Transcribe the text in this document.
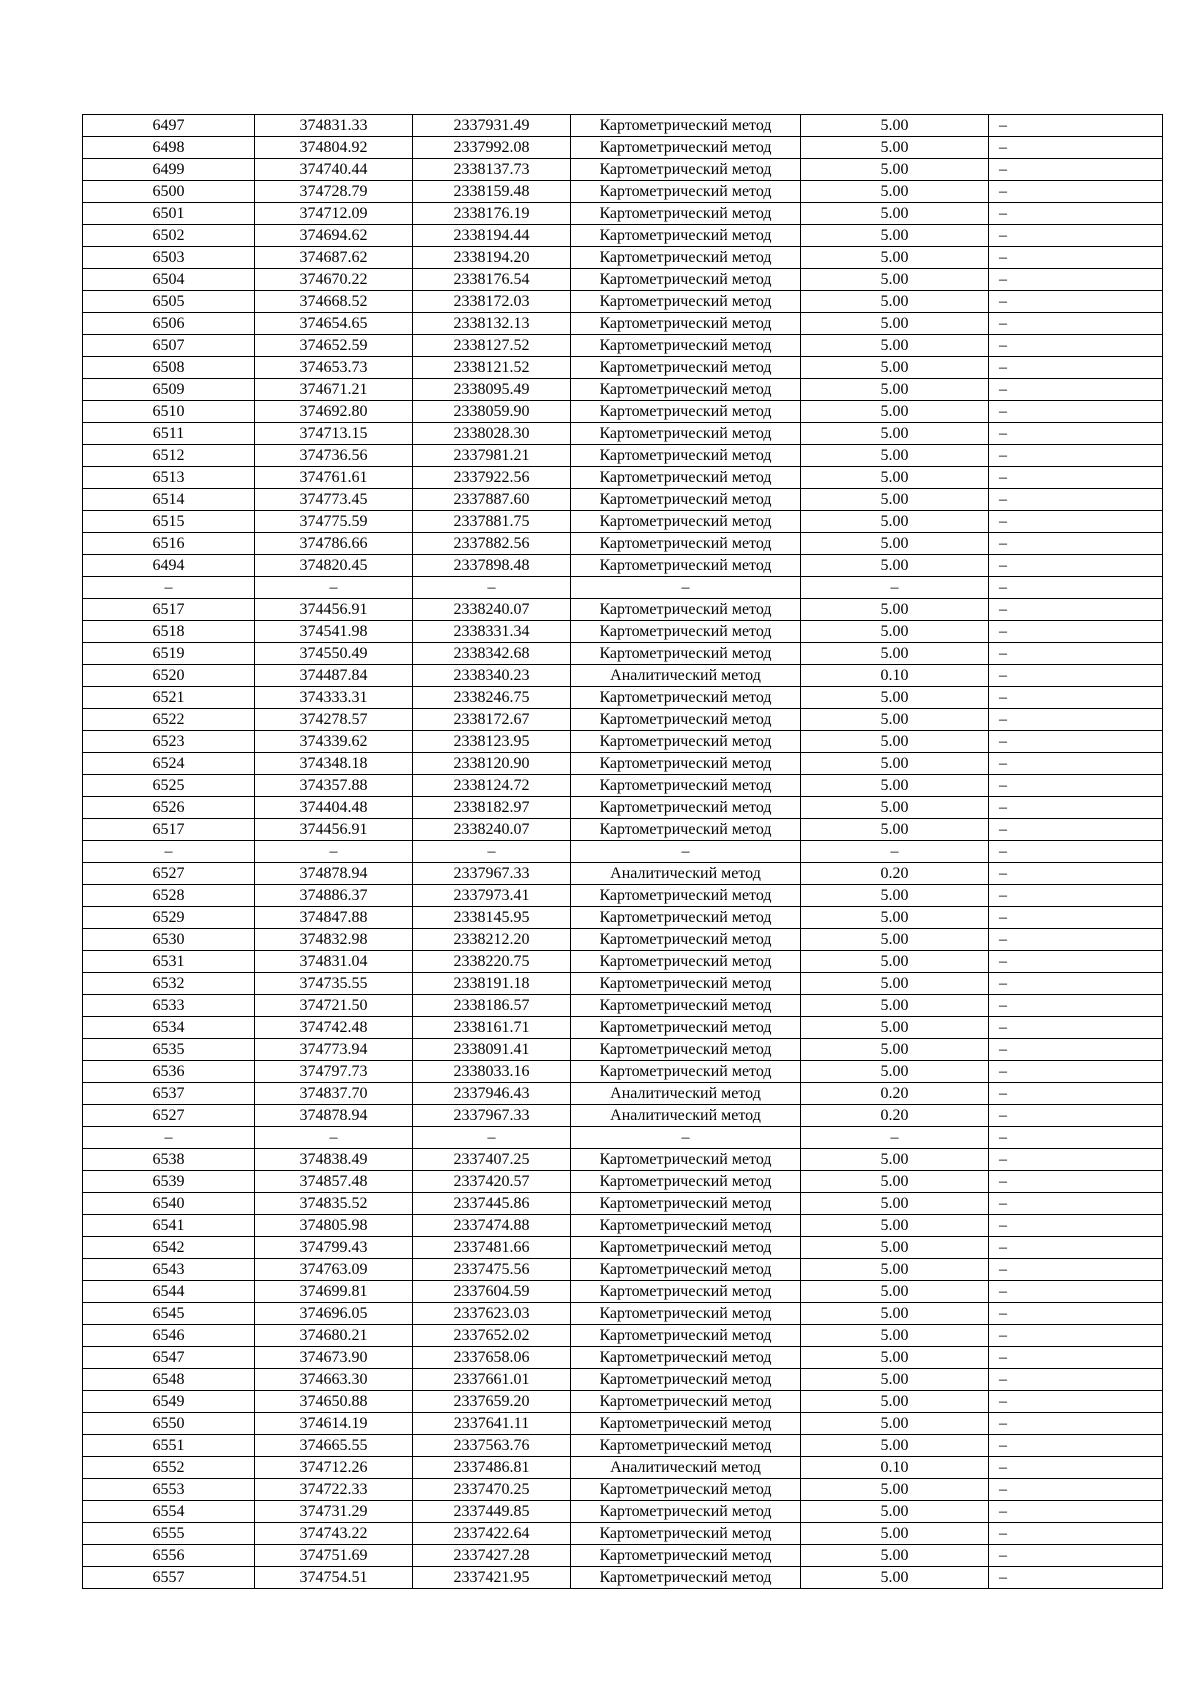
6497	374831.33	2337931.49	Картометрический метод	5.00	–
6498	374804.92	2337992.08	Картометрический метод	5.00	–
6499	374740.44	2338137.73	Картометрический метод	5.00	–
6500	374728.79	2338159.48	Картометрический метод	5.00	–
6501	374712.09	2338176.19	Картометрический метод	5.00	–
6502	374694.62	2338194.44	Картометрический метод	5.00	–
6503	374687.62	2338194.20	Картометрический метод	5.00	–
6504	374670.22	2338176.54	Картометрический метод	5.00	–
6505	374668.52	2338172.03	Картометрический метод	5.00	–
6506	374654.65	2338132.13	Картометрический метод	5.00	–
6507	374652.59	2338127.52	Картометрический метод	5.00	–
6508	374653.73	2338121.52	Картометрический метод	5.00	–
6509	374671.21	2338095.49	Картометрический метод	5.00	–
6510	374692.80	2338059.90	Картометрический метод	5.00	–
6511	374713.15	2338028.30	Картометрический метод	5.00	–
6512	374736.56	2337981.21	Картометрический метод	5.00	–
6513	374761.61	2337922.56	Картометрический метод	5.00	–
6514	374773.45	2337887.60	Картометрический метод	5.00	–
6515	374775.59	2337881.75	Картометрический метод	5.00	–
6516	374786.66	2337882.56	Картометрический метод	5.00	–
6494	374820.45	2337898.48	Картометрический метод	5.00	–
–	–	–	–	–	–
6517	374456.91	2338240.07	Картометрический метод	5.00	–
6518	374541.98	2338331.34	Картометрический метод	5.00	–
6519	374550.49	2338342.68	Картометрический метод	5.00	–
6520	374487.84	2338340.23	Аналитический метод	0.10	–
6521	374333.31	2338246.75	Картометрический метод	5.00	–
6522	374278.57	2338172.67	Картометрический метод	5.00	–
6523	374339.62	2338123.95	Картометрический метод	5.00	–
6524	374348.18	2338120.90	Картометрический метод	5.00	–
6525	374357.88	2338124.72	Картометрический метод	5.00	–
6526	374404.48	2338182.97	Картометрический метод	5.00	–
6517	374456.91	2338240.07	Картометрический метод	5.00	–
–	–	–	–	–	–
6527	374878.94	2337967.33	Аналитический метод	0.20	–
6528	374886.37	2337973.41	Картометрический метод	5.00	–
6529	374847.88	2338145.95	Картометрический метод	5.00	–
6530	374832.98	2338212.20	Картометрический метод	5.00	–
6531	374831.04	2338220.75	Картометрический метод	5.00	–
6532	374735.55	2338191.18	Картометрический метод	5.00	–
6533	374721.50	2338186.57	Картометрический метод	5.00	–
6534	374742.48	2338161.71	Картометрический метод	5.00	–
6535	374773.94	2338091.41	Картометрический метод	5.00	–
6536	374797.73	2338033.16	Картометрический метод	5.00	–
6537	374837.70	2337946.43	Аналитический метод	0.20	–
6527	374878.94	2337967.33	Аналитический метод	0.20	–
–	–	–	–	–	–
6538	374838.49	2337407.25	Картометрический метод	5.00	–
6539	374857.48	2337420.57	Картометрический метод	5.00	–
6540	374835.52	2337445.86	Картометрический метод	5.00	–
6541	374805.98	2337474.88	Картометрический метод	5.00	–
6542	374799.43	2337481.66	Картометрический метод	5.00	–
6543	374763.09	2337475.56	Картометрический метод	5.00	–
6544	374699.81	2337604.59	Картометрический метод	5.00	–
6545	374696.05	2337623.03	Картометрический метод	5.00	–
6546	374680.21	2337652.02	Картометрический метод	5.00	–
6547	374673.90	2337658.06	Картометрический метод	5.00	–
6548	374663.30	2337661.01	Картометрический метод	5.00	–
6549	374650.88	2337659.20	Картометрический метод	5.00	–
6550	374614.19	2337641.11	Картометрический метод	5.00	–
6551	374665.55	2337563.76	Картометрический метод	5.00	–
6552	374712.26	2337486.81	Аналитический метод	0.10	–
6553	374722.33	2337470.25	Картометрический метод	5.00	–
6554	374731.29	2337449.85	Картометрический метод	5.00	–
6555	374743.22	2337422.64	Картометрический метод	5.00	–
6556	374751.69	2337427.28	Картометрический метод	5.00	–
6557	374754.51	2337421.95	Картометрический метод	5.00	–
